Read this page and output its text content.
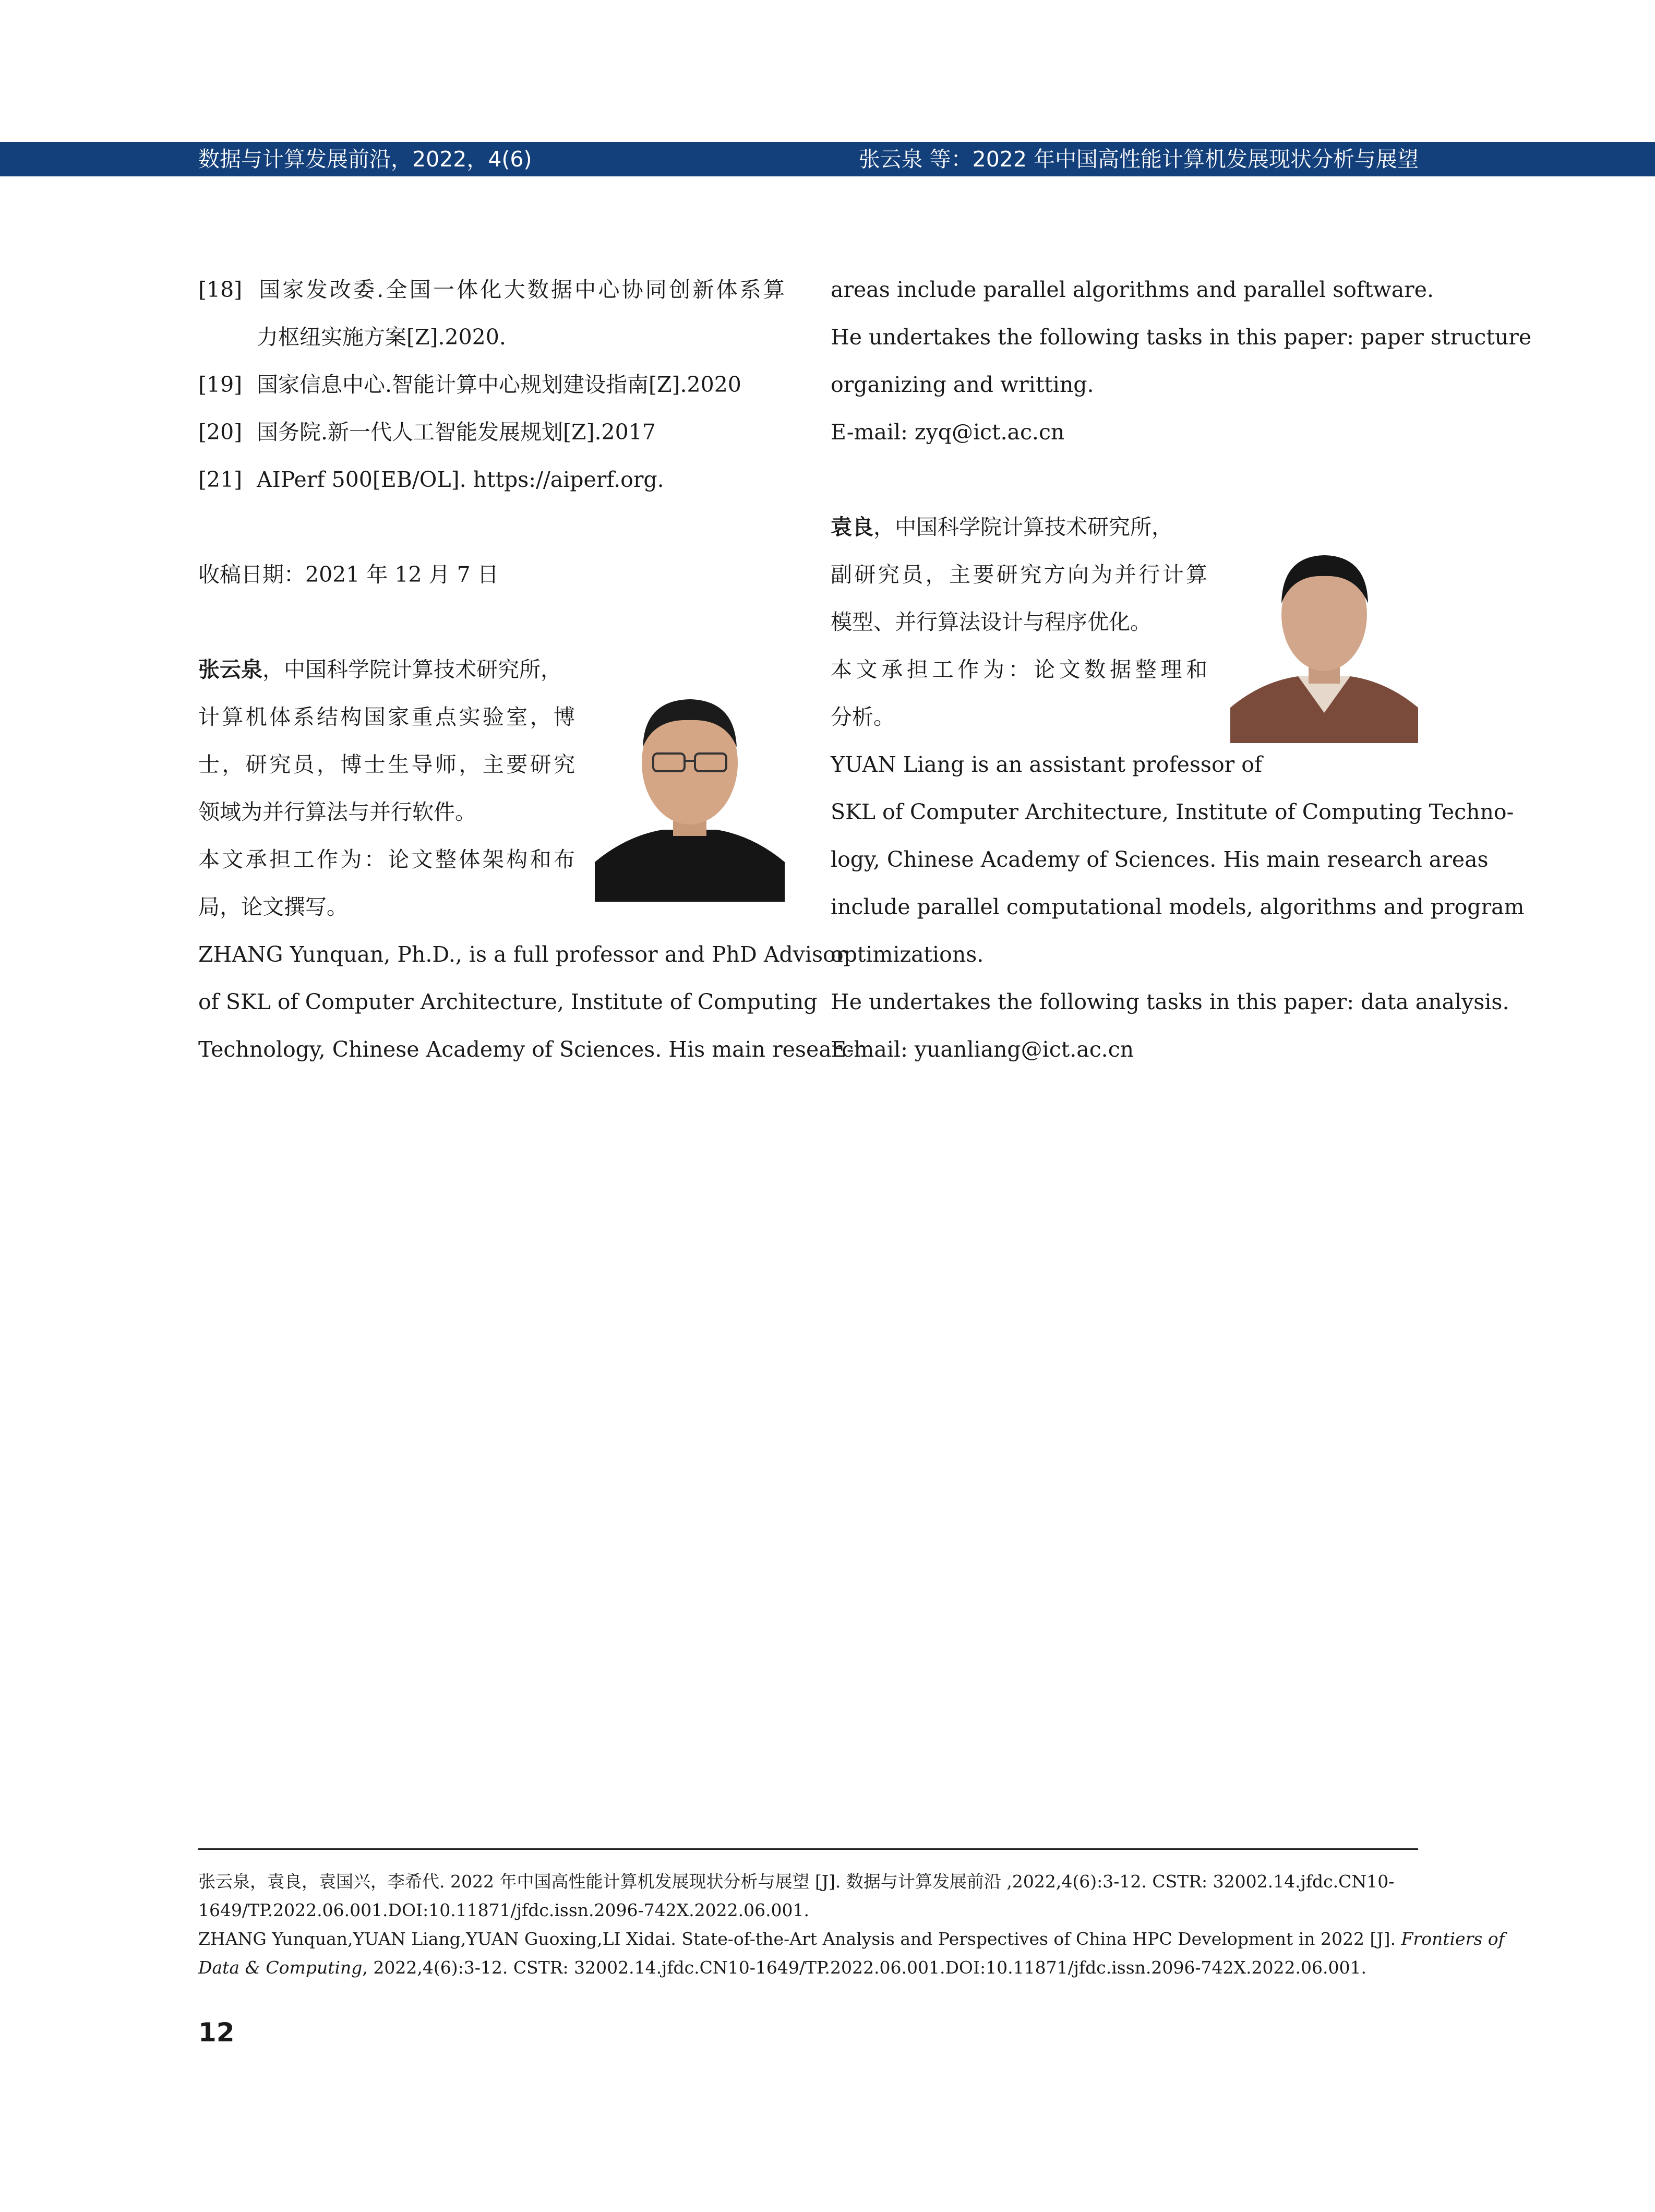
数据与计算发展前沿，2022，4(6)	张云泉 等：2022 年中国高性能计算机发展现状分析与展望

[18] 国家发改委.全国一体化大数据中心协同创新体系算

力枢纽实施方案[Z].2020.

[19] 国家信息中心.智能计算中心规划建设指南[Z].2020

[20] 国务院.新一代人工智能发展规划[Z].2017

[21] AIPerf 500[EB/OL]. https://aiperf.org.

收稿日期：2021 年 12 月 7 日

张云泉，中国科学院计算技术研究所，

计算机体系结构国家重点实验室，博

士，研究员，博士生导师，主要研究

领域为并行算法与并行软件。

本文承担工作为：论文整体架构和布

局，论文撰写。

ZHANG Yunquan, Ph.D., is a full professor and PhD Advisor

of SKL of Computer Architecture, Institute of Computing

Technology, Chinese Academy of Sciences. His main research

areas include parallel algorithms and parallel software.

He undertakes the following tasks in this paper: paper structure

organizing and writting.

E-mail: zyq@ict.ac.cn

袁良，中国科学院计算技术研究所，

副研究员，主要研究方向为并行计算

模型、并行算法设计与程序优化。

本文承担工作为：论文数据整理和

分析。

YUAN Liang is an assistant professor of

SKL of Computer Architecture, Institute of Computing Techno-

logy, Chinese Academy of Sciences. His main research areas

include parallel computational models, algorithms and program

optimizations.

He undertakes the following tasks in this paper: data analysis.

E-mail: yuanliang@ict.ac.cn

张云泉，袁良，袁国兴，李希代. 2022 年中国高性能计算机发展现状分析与展望 [J]. 数据与计算发展前沿 ,2022,4(6):3-12. CSTR: 32002.14.jfdc.CN10-
1649/TP.2022.06.001.DOI:10.11871/jfdc.issn.2096-742X.2022.06.001.
ZHANG Yunquan,YUAN Liang,YUAN Guoxing,LI Xidai. State-of-the-Art Analysis and Perspectives of China HPC Development in 2022 [J]. Frontiers of
Data & Computing, 2022,4(6):3-12. CSTR: 32002.14.jfdc.CN10-1649/TP.2022.06.001.DOI:10.11871/jfdc.issn.2096-742X.2022.06.001.
12
